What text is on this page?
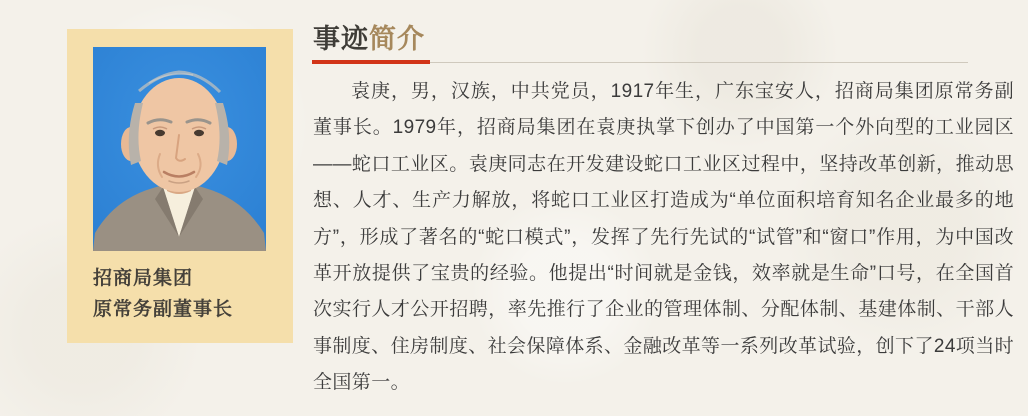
招商局集团
原常务副董事长
事迹简介

袁庚，男，汉族，中共党员，1917年生，广东宝安人，招商局集团原常务副董事长。1979年，招商局集团在袁庚执掌下创办了中国第一个外向型的工业园区——蛇口工业区。袁庚同志在开发建设蛇口工业区过程中，坚持改革创新，推动思想、人才、生产力解放，将蛇口工业区打造成为“单位面积培育知名企业最多的地方”，形成了著名的“蛇口模式”，发挥了先行先试的“试管”和“窗口”作用，为中国改革开放提供了宝贵的经验。他提出“时间就是金钱，效率就是生命”口号，在全国首次实行人才公开招聘，率先推行了企业的管理体制、分配体制、基建体制、干部人事制度、住房制度、社会保障体系、金融改革等一系列改革试验，创下了24项当时全国第一。
